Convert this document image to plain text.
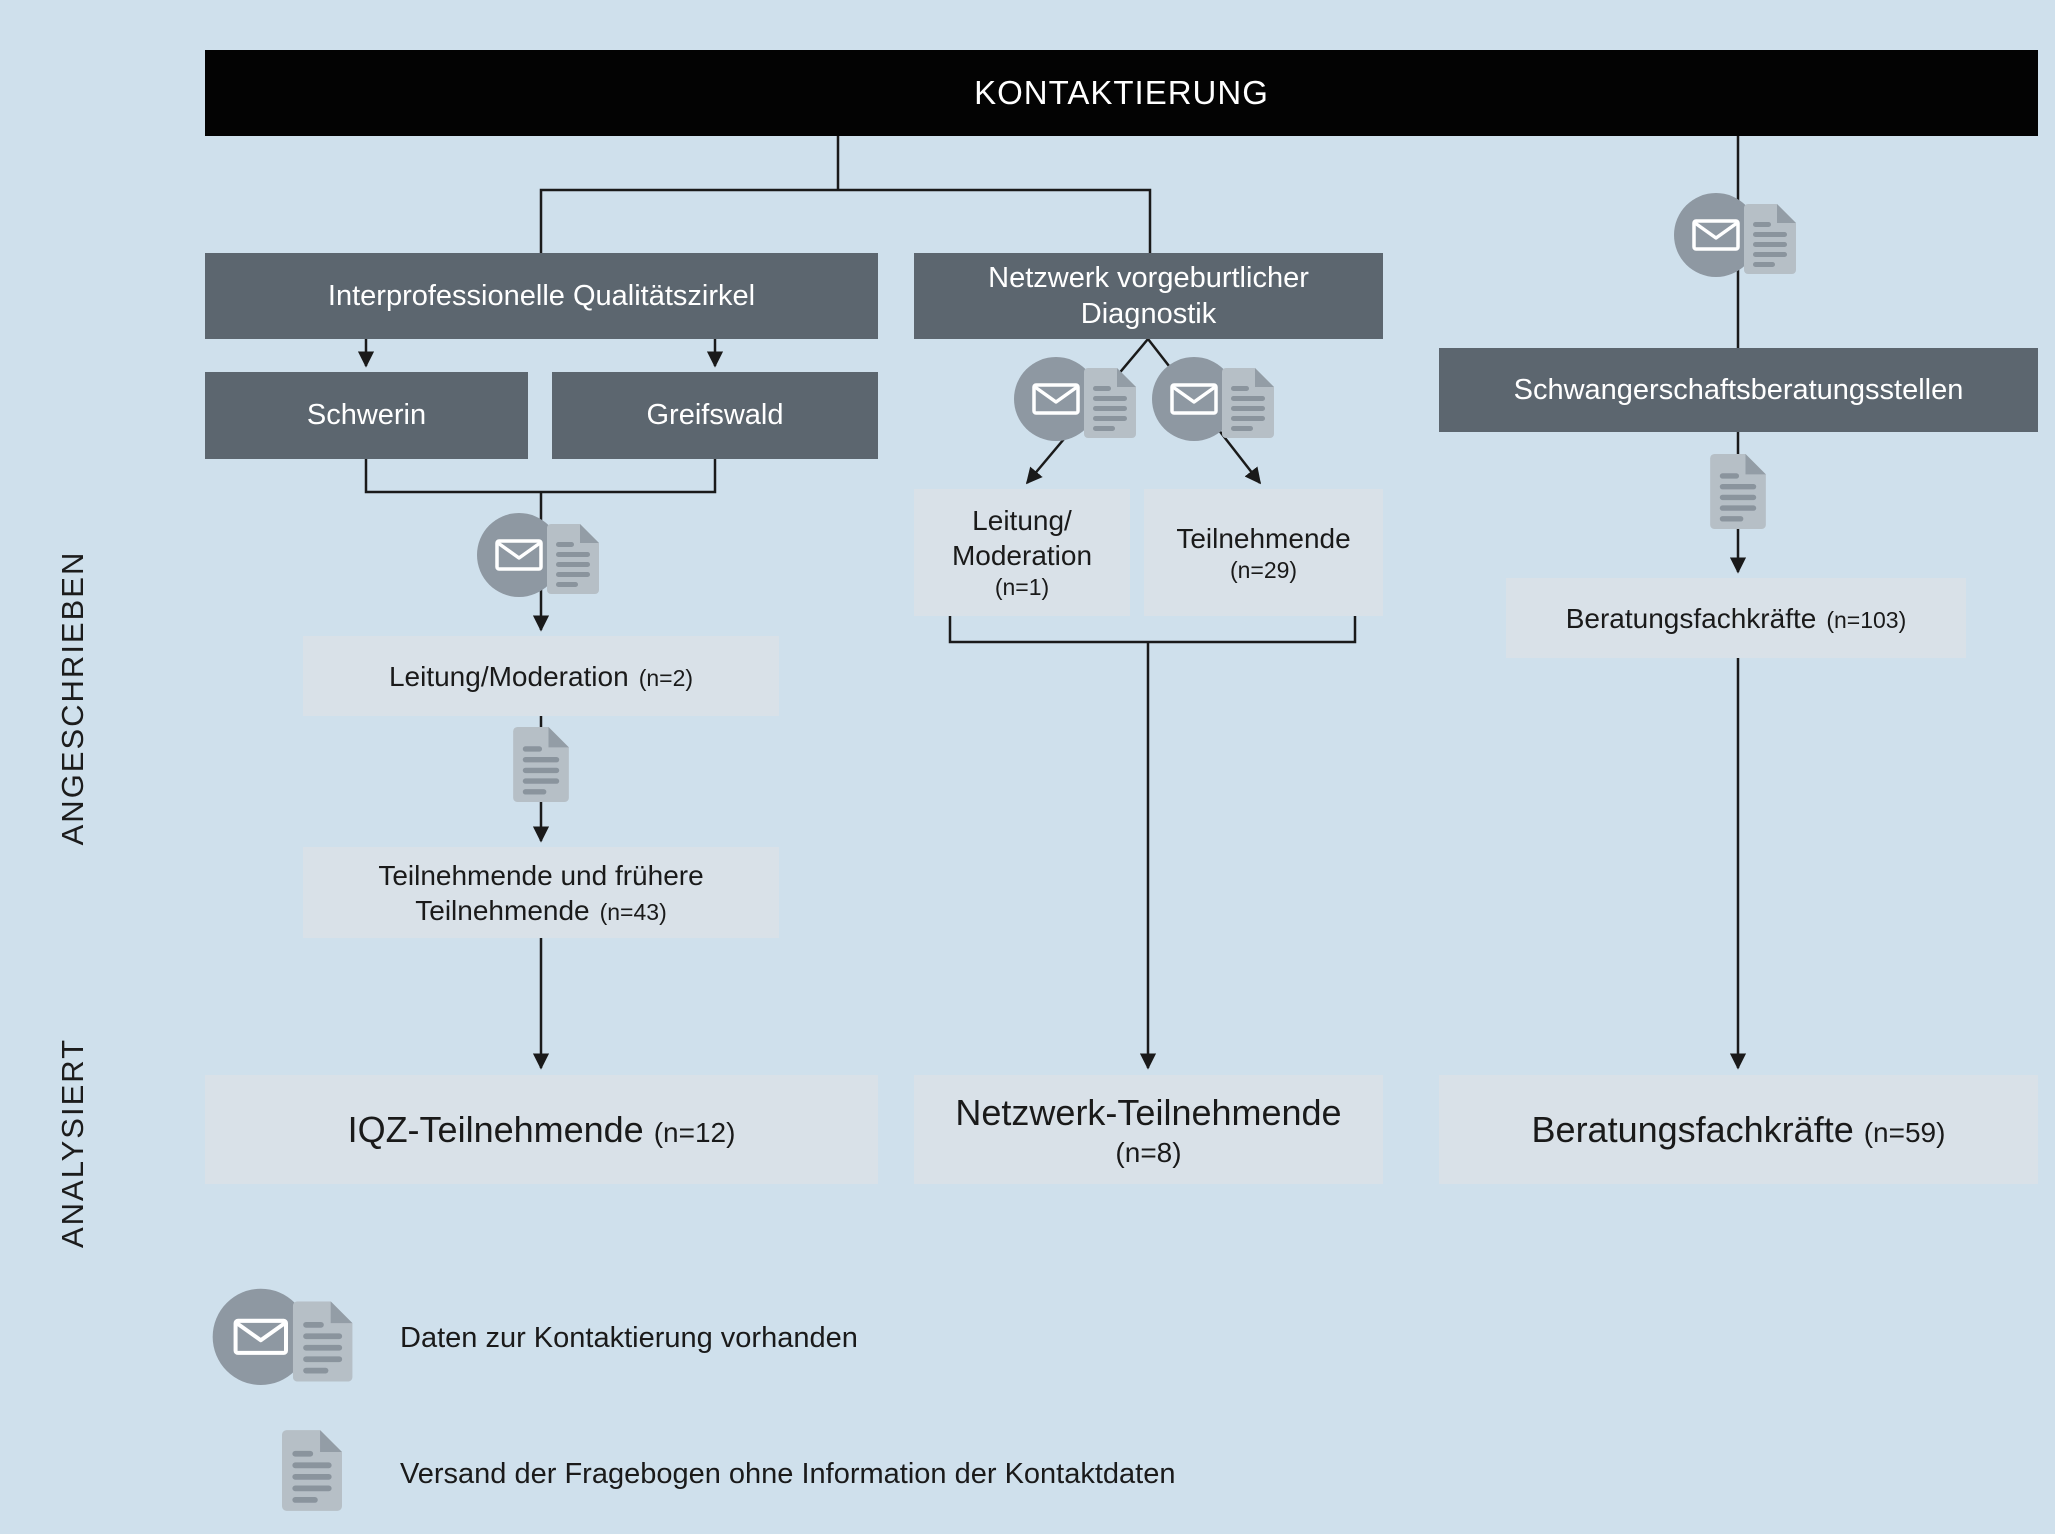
KONTAKTIERUNG
ANGESCHRIEBEN
ANALYSIERT
Interprofessionelle Qualitätszirkel
Schwerin	Greifswald
Leitung/Moderation (n=2)
Teilnehmende und frühere
Teilnehmende (n=43)
IQZ-Teilnehmende (n=12)
Netzwerk vorgeburtlicher Diagnostik
Leitung/
Moderation
(n=1)
Teilnehmende
(n=29)
Netzwerk-Teilnehmende
(n=8)
Schwangerschaftsberatungsstellen
Beratungsfachkräfte (n=103)
Beratungsfachkräfte (n=59)
Daten zur Kontaktierung vorhanden
Versand der Fragebogen ohne Information der Kontaktdaten
